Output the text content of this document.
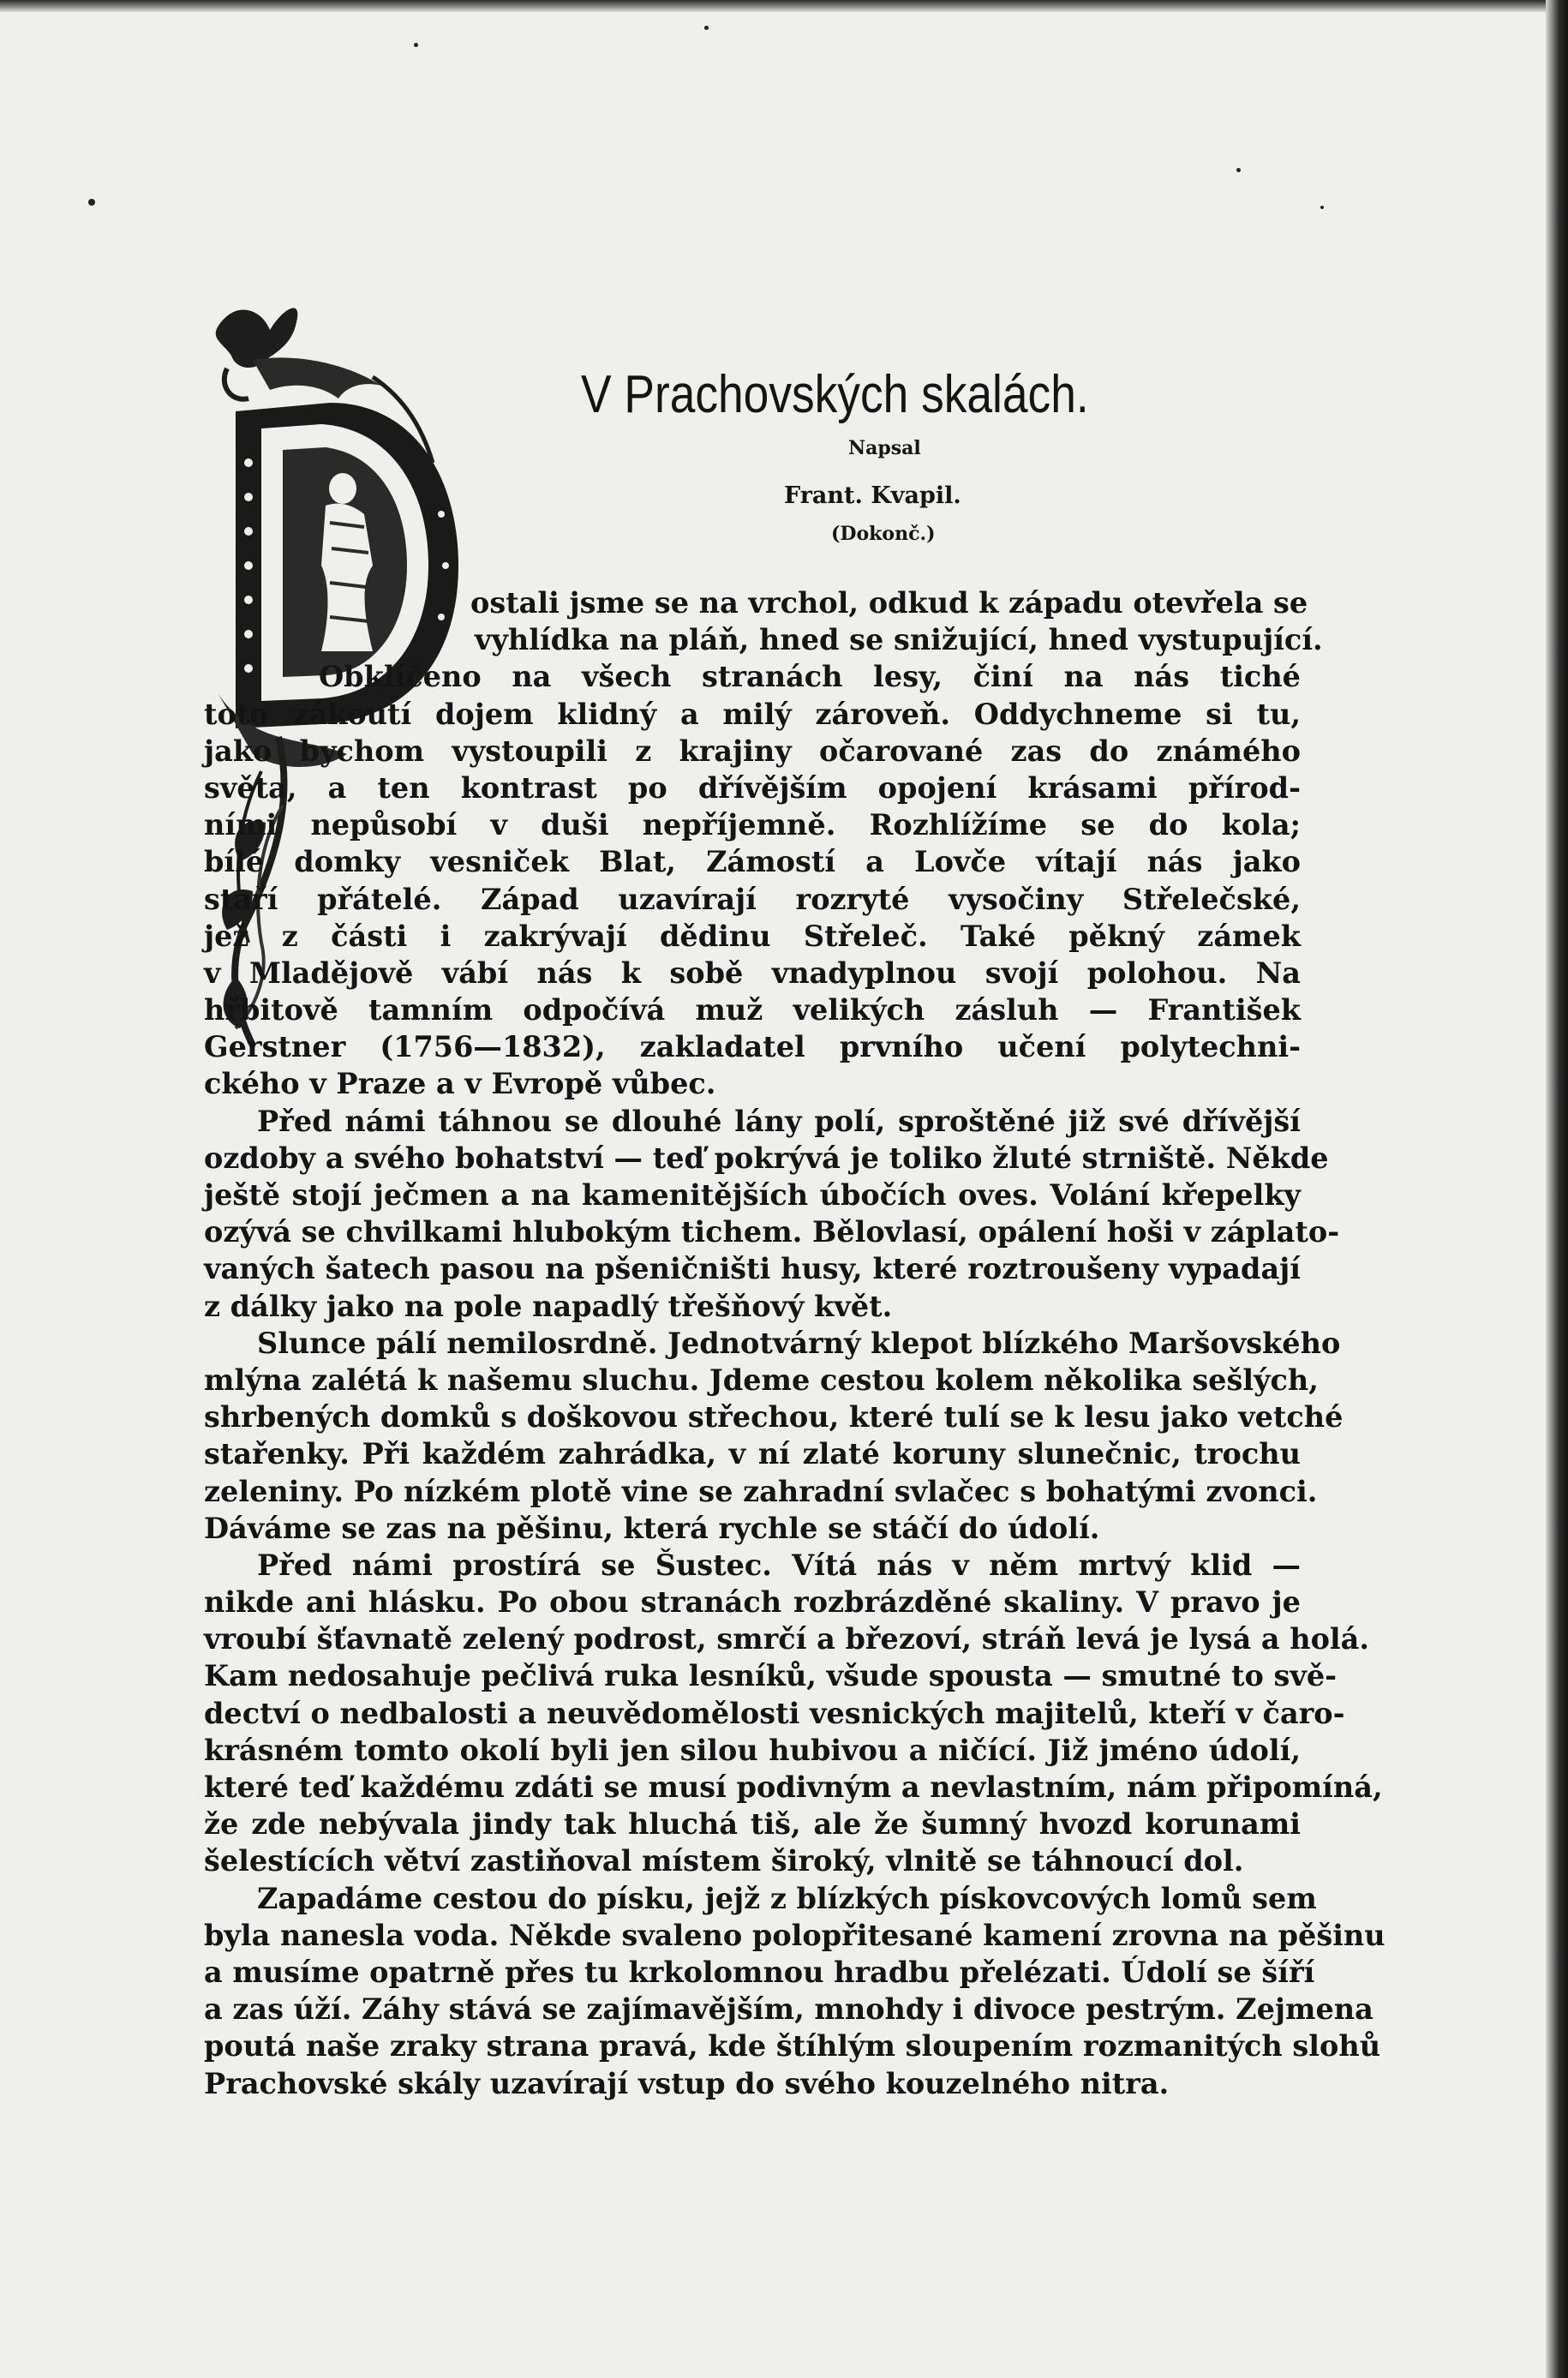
V Prachovských skalách.
Napsal
Frant. Kvapil.
(Dokonč.)
ostali jsme se na vrchol, odkud k západu otevřela se
vyhlídka na pláň, hned se snižující, hned vystupující.
Obklíčeno na všech stranách lesy, činí na nás tiché
toto zákoutí dojem klidný a milý zároveň. Oddychneme si tu,
jako bychom vystoupili z krajiny očarované zas do známého
světa, a ten kontrast po dřívějším opojení krásami přírod-
ními nepůsobí v duši nepříjemně. Rozhlížíme se do kola;
bílé domky vesniček Blat, Zámostí a Lovče vítají nás jako
staří přátelé. Západ uzavírají rozryté vysočiny Střelečské,
jež z části i zakrývají dědinu Střeleč. Také pěkný zámek
v Mladějově vábí nás k sobě vnadyplnou svojí polohou. Na
hřbitově tamním odpočívá muž velikých zásluh — František
Gerstner (1756—1832), zakladatel prvního učení polytechni-
ckého v Praze a v Evropě vůbec.
Před námi táhnou se dlouhé lány polí, sproštěné již své dřívější
ozdoby a svého bohatství — teď pokrývá je toliko žluté strniště. Někde
ještě stojí ječmen a na kamenitějších úbočích oves. Volání křepelky
ozývá se chvilkami hlubokým tichem. Bělovlasí, opálení hoši v záplato-
vaných šatech pasou na pšeničništi husy, které roztroušeny vypadají
z dálky jako na pole napadlý třešňový květ.
Slunce pálí nemilosrdně. Jednotvárný klepot blízkého Maršovského
mlýna zalétá k našemu sluchu. Jdeme cestou kolem několika sešlých,
shrbených domků s doškovou střechou, které tulí se k lesu jako vetché
stařenky. Při každém zahrádka, v ní zlaté koruny slunečnic, trochu
zeleniny. Po nízkém plotě vine se zahradní svlačec s bohatými zvonci.
Dáváme se zas na pěšinu, která rychle se stáčí do údolí.
Před námi prostírá se Šustec. Vítá nás v něm mrtvý klid —
nikde ani hlásku. Po obou stranách rozbrázděné skaliny. V pravo je
vroubí šťavnatě zelený podrost, smrčí a březoví, stráň levá je lysá a holá.
Kam nedosahuje pečlivá ruka lesníků, všude spousta — smutné to svě-
dectví o nedbalosti a neuvědomělosti vesnických majitelů, kteří v čaro-
krásném tomto okolí byli jen silou hubivou a ničící. Již jméno údolí,
které teď každému zdáti se musí podivným a nevlastním, nám připomíná,
že zde nebývala jindy tak hluchá tiš, ale že šumný hvozd korunami
šelestících větví zastiňoval místem široký, vlnitě se táhnoucí dol.
Zapadáme cestou do písku, jejž z blízkých pískovcových lomů sem
byla nanesla voda. Někde svaleno polopřitesané kamení zrovna na pěšinu
a musíme opatrně přes tu krkolomnou hradbu přelézati. Údolí se šíří
a zas úží. Záhy stává se zajímavějším, mnohdy i divoce pestrým. Zejmena
poutá naše zraky strana pravá, kde štíhlým sloupením rozmanitých slohů
Prachovské skály uzavírají vstup do svého kouzelného nitra.
